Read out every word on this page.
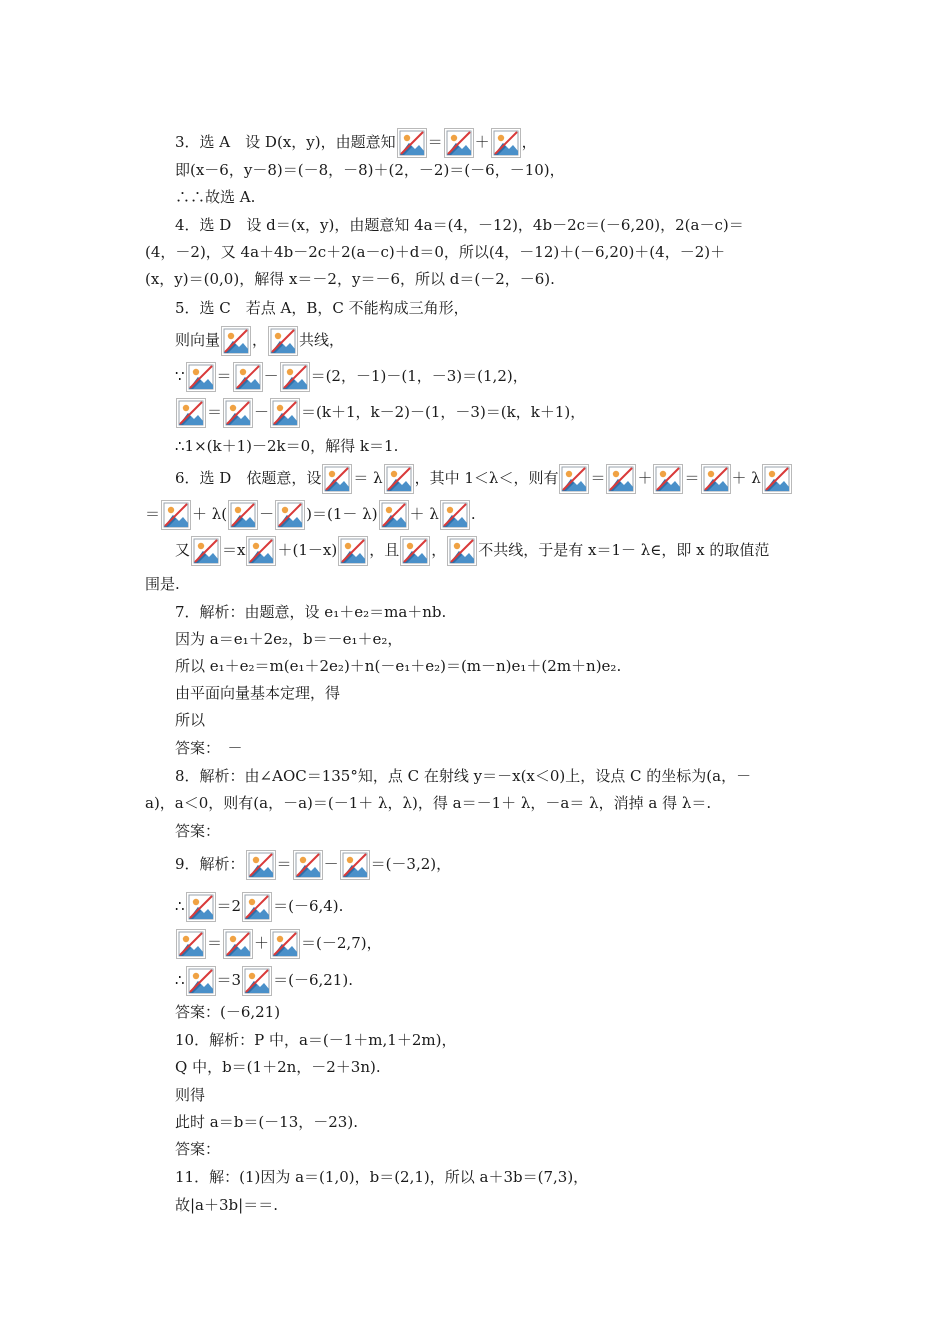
3．选 A　设 D(x，y)，由题意知 ＝ ＋ ，
即(x－6，y－8)＝(－8，－8)＋(2，－2)＝(－6，－10)，
∴∴故选 A.
4．选 D　设 d＝(x，y)，由题意知 4a＝(4，－12)，4b－2c＝(－6,20)，2(a－c)＝
(4，－2)，又 4a＋4b－2c＋2(a－c)＋d＝0，所以(4，－12)＋(－6,20)＋(4，－2)＋
(x，y)＝(0,0)，解得 x＝－2，y＝－6，所以 d＝(－2，－6).
5．选 C　若点 A，B，C 不能构成三角形，
则向量 ， 共线，
∵ ＝ － ＝(2，－1)－(1，－3)＝(1,2)，
＝ － ＝(k＋1，k－2)－(1，－3)＝(k，k＋1)，
∴1×(k＋1)－2k＝0，解得 k＝1.
6．选 D　依题意，设 ＝ λ ，其中 1＜λ＜，则有 ＝ ＋ ＝ ＋ λ
＝ ＋ λ( － )＝(1－ λ) ＋ λ .
又 ＝x ＋(1－x) ，且 ， 不共线，于是有 x＝1－ λ∈，即 x 的取值范
围是.
7．解析：由题意，设 e₁＋e₂＝ma＋nb.
因为 a＝e₁＋2e₂，b＝－e₁＋e₂，
所以 e₁＋e₂＝m(e₁＋2e₂)＋n(－e₁＋e₂)＝(m－n)e₁＋(2m＋n)e₂.
由平面向量基本定理，得
所以
答案：　－
8．解析：由∠AOC＝135°知，点 C 在射线 y＝－x(x＜0)上，设点 C 的坐标为(a，－
a)，a＜0，则有(a，－a)＝(－1＋ λ，λ)，得 a＝－1＋ λ，－a＝ λ，消掉 a 得 λ＝.
答案：
9．解析： ＝ － ＝(－3,2)，
∴ ＝2 ＝(－6,4).
＝ ＋ ＝(－2,7)，
∴ ＝3 ＝(－6,21).
答案：(－6,21)
10．解析：P 中，a＝(－1＋m,1＋2m)，
Q 中，b＝(1＋2n，－2＋3n).
则得
此时 a＝b＝(－13，－23).
答案：
11．解：(1)因为 a＝(1,0)，b＝(2,1)，所以 a＋3b＝(7,3)，
故|a＋3b|＝＝.
